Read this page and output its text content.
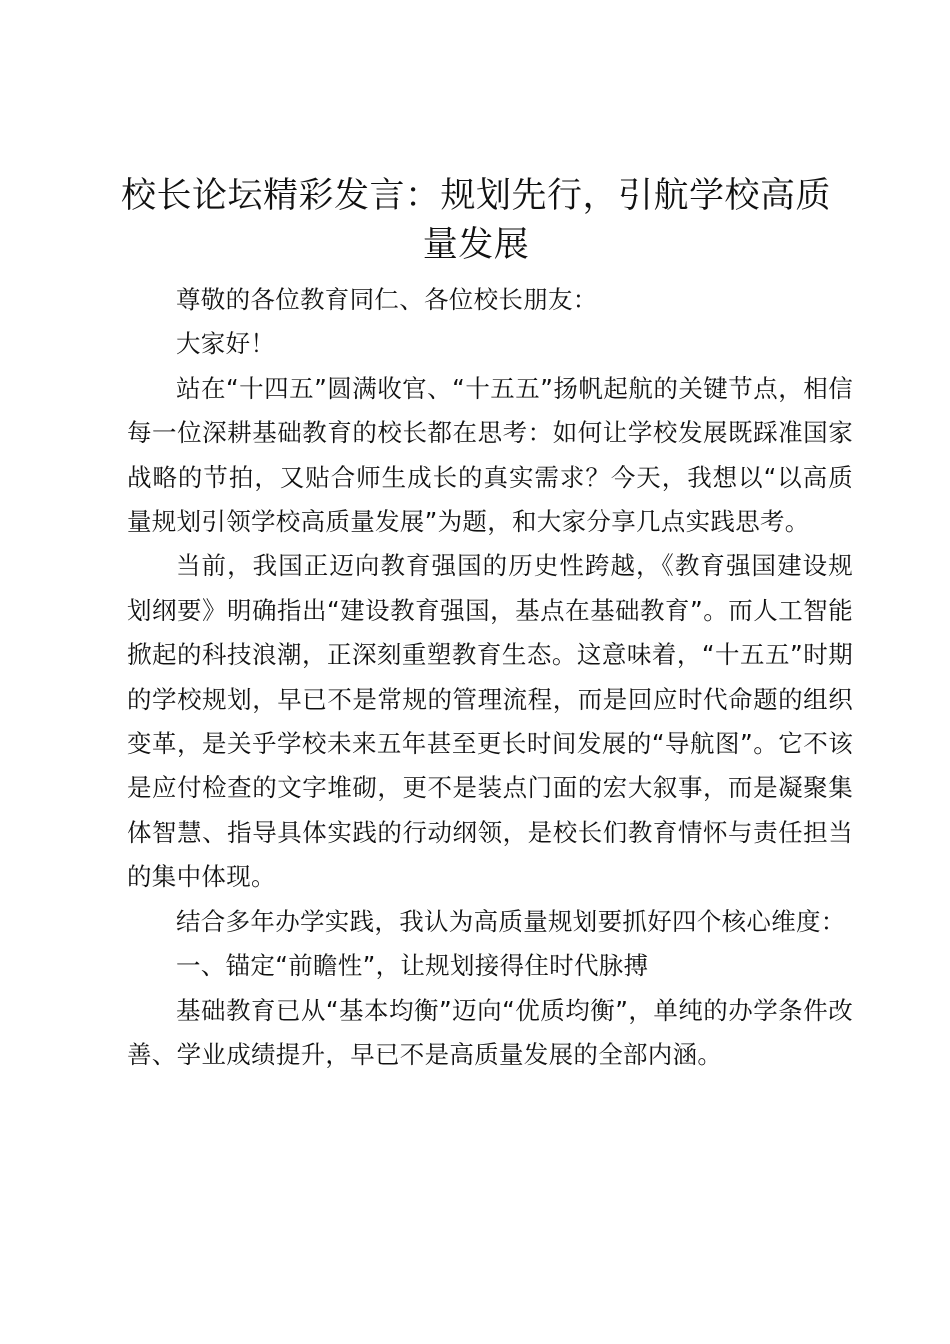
校长论坛精彩发言：规划先行，引航学校高质量发展

尊敬的各位教育同仁、各位校长朋友：

大家好！

站在“十四五”圆满收官、“十五五”扬帆起航的关键节点，相信每一位深耕基础教育的校长都在思考：如何让学校发展既踩准国家战略的节拍，又贴合师生成长的真实需求？今天，我想以“以高质量规划引领学校高质量发展”为题，和大家分享几点实践思考。

当前，我国正迈向教育强国的历史性跨越，《教育强国建设规划纲要》明确指出“建设教育强国，基点在基础教育”。而人工智能掀起的科技浪潮，正深刻重塑教育生态。这意味着，“十五五”时期的学校规划，早已不是常规的管理流程，而是回应时代命题的组织变革，是关乎学校未来五年甚至更长时间发展的“导航图”。它不该是应付检查的文字堆砌，更不是装点门面的宏大叙事，而是凝聚集体智慧、指导具体实践的行动纲领，是校长们教育情怀与责任担当的集中体现。

结合多年办学实践，我认为高质量规划要抓好四个核心维度：

一、锚定“前瞻性”，让规划接得住时代脉搏

基础教育已从“基本均衡”迈向“优质均衡”，单纯的办学条件改善、学业成绩提升，早已不是高质量发展的全部内涵。
